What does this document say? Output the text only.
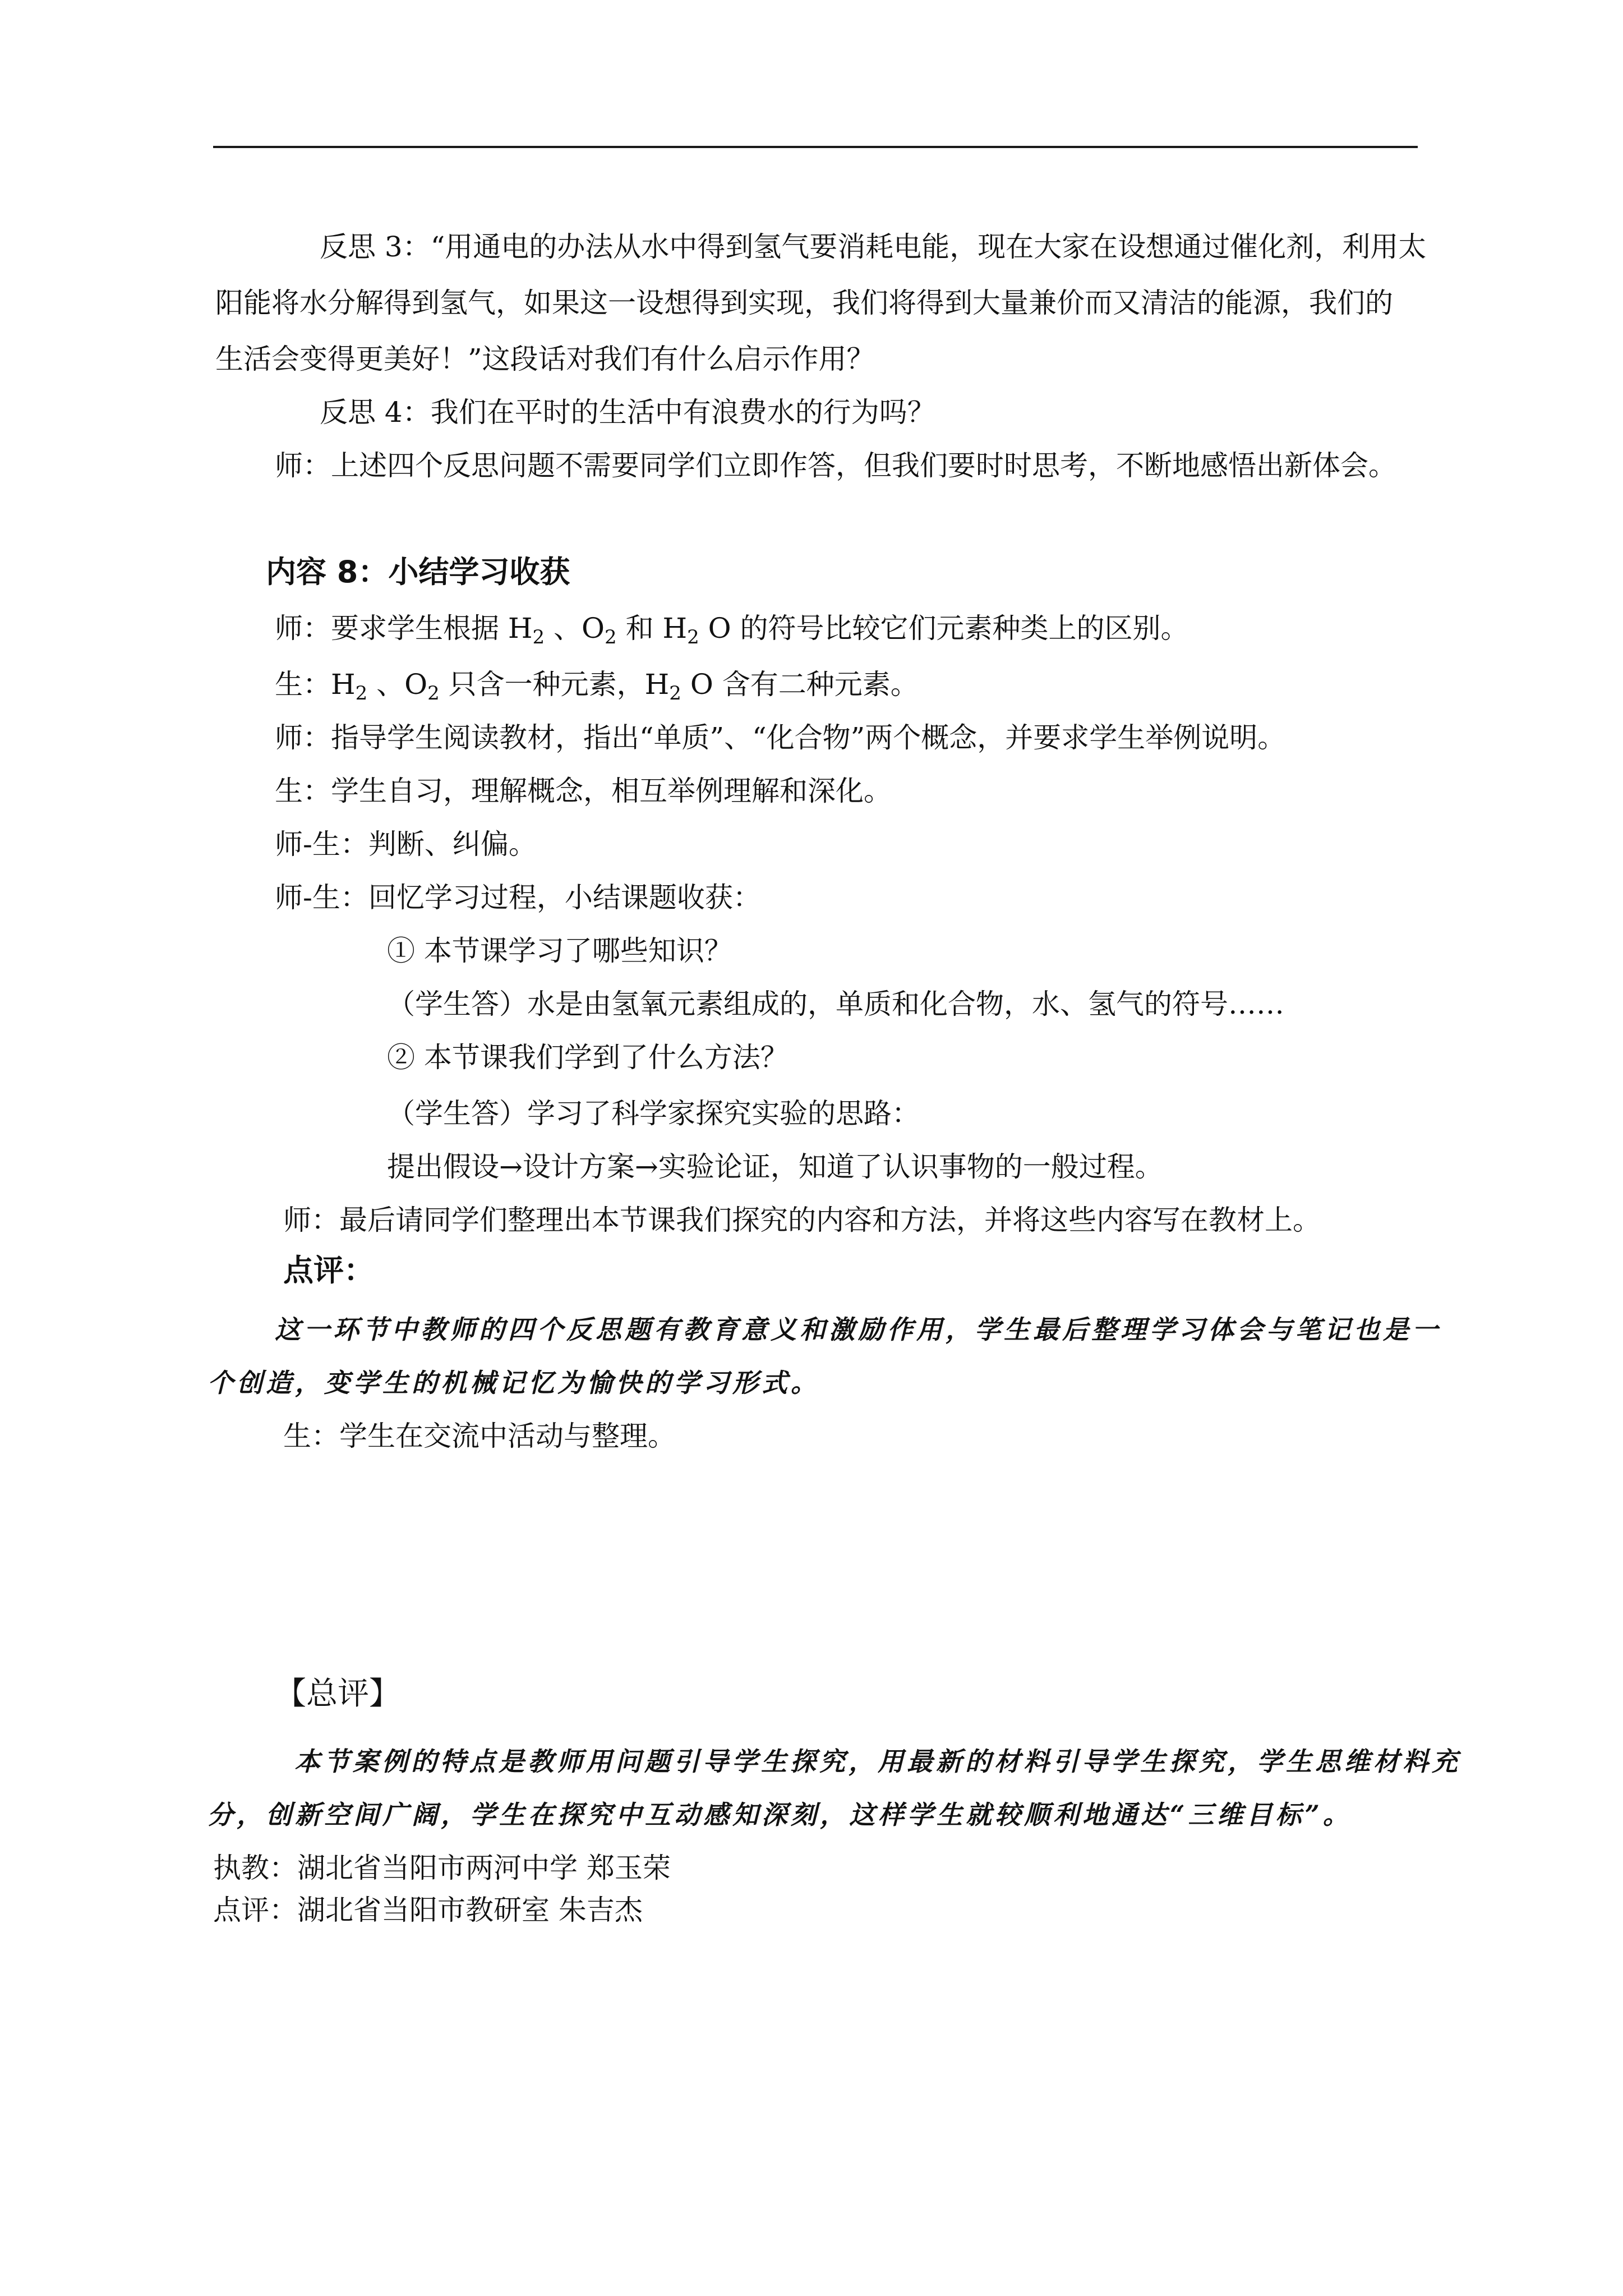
反思 3：“用通电的办法从水中得到氢气要消耗电能，现在大家在设想通过催化剂，利用太
阳能将水分解得到氢气，如果这一设想得到实现，我们将得到大量兼价而又清洁的能源，我们的
生活会变得更美好！”这段话对我们有什么启示作用？
反思 4：我们在平时的生活中有浪费水的行为吗？
师：上述四个反思问题不需要同学们立即作答，但我们要时时思考，不断地感悟出新体会。
内容 8：小结学习收获
师：要求学生根据 $H_2$ 、$O_2$ 和 $H_2$ O 的符号比较它们元素种类上的区别。
生：$H_2$ 、$O_2$ 只含一种元素，$H_2$ O 含有二种元素。
师：指导学生阅读教材，指出“单质”、“化合物”两个概念，并要求学生举例说明。
生：学生自习，理解概念，相互举例理解和深化。
师-生：判断、纠偏。
师-生：回忆学习过程，小结课题收获：
① 本节课学习了哪些知识？
（学生答）水是由氢氧元素组成的，单质和化合物，水、氢气的符号……
② 本节课我们学到了什么方法？
（学生答）学习了科学家探究实验的思路：
提出假设→设计方案→实验论证，知道了认识事物的一般过程。
师：最后请同学们整理出本节课我们探究的内容和方法，并将这些内容写在教材上。
点评：
这一环节中教师的四个反思题有教育意义和激励作用，学生最后整理学习体会与笔记也是一
个创造，变学生的机械记忆为愉快的学习形式。
生：学生在交流中活动与整理。
【总评】
本节案例的特点是教师用问题引导学生探究，用最新的材料引导学生探究，学生思维材料充
分，创新空间广阔，学生在探究中互动感知深刻，这样学生就较顺利地通达“三维目标”。
执教：湖北省当阳市两河中学 郑玉荣
点评：湖北省当阳市教研室 朱吉杰
